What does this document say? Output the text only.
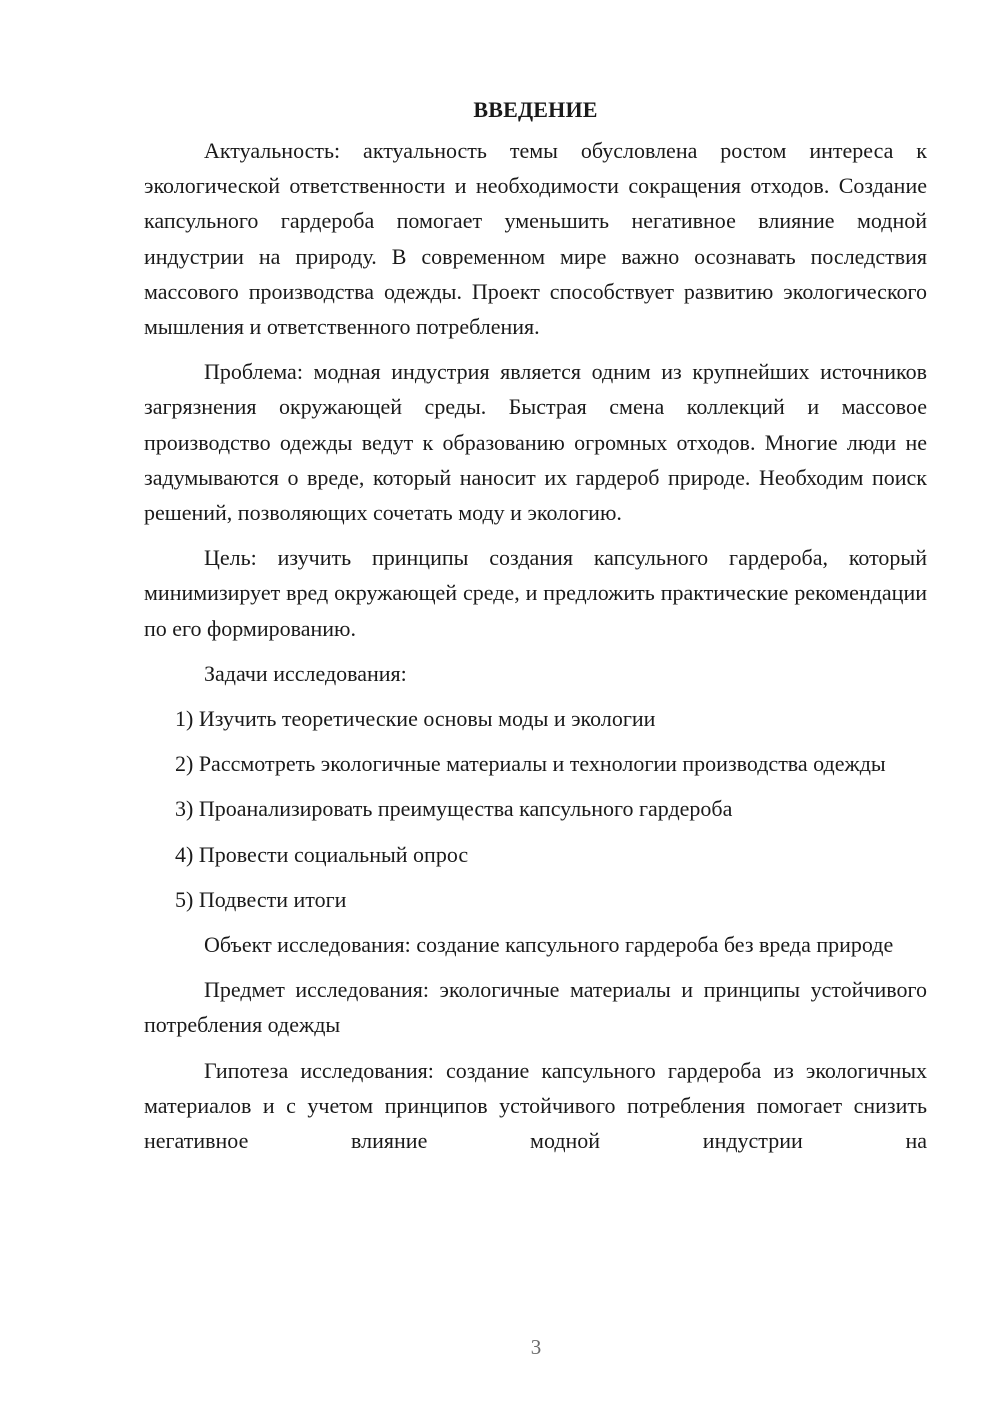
ВВЕДЕНИЕ

Актуальность: актуальность темы обусловлена ростом интереса к экологической ответственности и необходимости сокращения отходов. Создание капсульного гардероба помогает уменьшить негативное влияние модной индустрии на природу. В современном мире важно осознавать последствия массового производства одежды. Проект способствует развитию экологического мышления и ответственного потребления.

Проблема: модная индустрия является одним из крупнейших источников загрязнения окружающей среды. Быстрая смена коллекций и массовое производство одежды ведут к образованию огромных отходов. Многие люди не задумываются о вреде, который наносит их гардероб природе. Необходим поиск решений, позволяющих сочетать моду и экологию.

Цель: изучить принципы создания капсульного гардероба, который минимизирует вред окружающей среде, и предложить практические рекомендации по его формированию.

Задачи исследования:

1) Изучить теоретические основы моды и экологии

2) Рассмотреть экологичные материалы и технологии производства одежды

3) Проанализировать преимущества капсульного гардероба

4) Провести социальный опрос

5) Подвести итоги

Объект исследования: создание капсульного гардероба без вреда природе

Предмет исследования: экологичные материалы и принципы устойчивого потребления одежды

Гипотеза исследования: создание капсульного гардероба из экологичных материалов и с учетом принципов устойчивого потребления помогает снизить негативное влияние модной индустрии на

3
